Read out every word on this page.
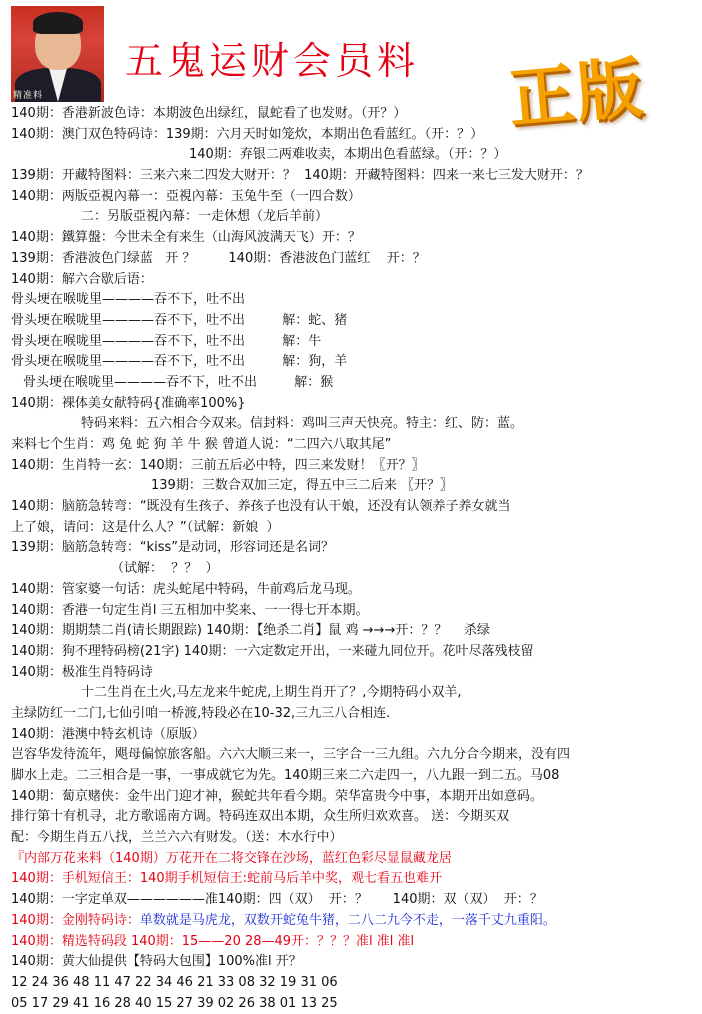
精准料
五鬼运财会员料 正版
140期：香港新波色诗：本期波色出绿红，鼠蛇看了也发财。（开？）
140期：澳门双色特码诗：139期：六月天时如笼炊，本期出色看蓝红。（开：？）
140期：弃银二两难收卖，本期出色看蓝绿。（开：？）
139期：开藏特图料：三来六来二四发大财开：？  140期：开藏特图料：四来一来七三发大财开：？
140期：两版亞視內幕一：亞視內幕：玉兔牛至（一四合数）
二：另版亞視內幕：一走休想（龙后羊前）
140期：鐵算盤：今世未全有来生（山海风波满天飞）开：？
139期：香港波色门绿蓝   开 ？        140期：香港波色门蓝红    开：？
140期：解六合歇后语：
骨头埂在喉咙里————吞不下，吐不出
骨头埂在喉咙里————吞不下，吐不出         解：蛇、猪
骨头埂在喉咙里————吞不下，吐不出         解：牛
骨头埂在喉咙里————吞不下，吐不出         解：狗，羊
骨头埂在喉咙里————吞不下，吐不出         解：猴
140期：裸体美女献特码{准确率100%}
特码来料：五六相合今双来。信封料：鸡叫三声天快亮。特主：红、防：蓝。
来料七个生肖：鸡 兔 蛇 狗 羊 牛 猴 曾道人说：“二四六八取其尾”
140期：生肖特一玄：140期：三前五后必中特，四三来发财！〖开？〗
139期：三数合双加三定，得五中三二后来 〖开？〗
140期：脑筋急转弯：“既没有生孩子、养孩子也没有认干娘，还没有认领养子养女就当
上了娘，请问：这是什么人？”（试解：新娘  ）
139期：脑筋急转弯：“kiss”是动词，形容词还是名词？
（试解：  ？？  ）
140期：管家婆一句话：虎头蛇尾中特码，牛前鸡后龙马现。
140期：香港一句定生肖l 三五相加中奖来、一一得七开本期。
140期：期期禁二肖(请长期跟踪) 140期：【绝杀二肖】鼠 鸡 →→→开：？？    杀绿
140期：狗不理特码榜(21字) 140期：一六定数定开出，一来碰九同位开。花叶尽落残枝留
140期：极准生肖特码诗
十二生肖在土火,马左龙来牛蛇虎,上期生肖开了？,今期特码小双羊,
主绿防红一二门,七仙引咱一桥渡,特段必在10-32,三九三八合相连.
140期：港澳中特玄机诗（原版）
岂容华发待流年，飓母偏惊旅客船。六六大顺三来一，三字合一三九组。六九分合今期来，没有四
脚水上走。二三相合是一事，一事成就它为先。140期三来二六走四一，八九跟一到二五。马08
140期：蔔京赌侠：金牛出门迎才神，猴蛇共年看今期。荣华富贵今中事，本期开出如意码。
排行第十有机寻，北方歌谣南方调。特码连双出本期，众生所归欢欢喜。 送：今期买双
配：今期生肖五八找，兰兰六六有财发。（送：木水行中）
『内部万花来料（140期）万花开在二将交锋在沙场，蓝红色彩尽显鼠藏龙居
140期：手机短信王：140期手机短信王:蛇前马后羊中奖，观七看五也难开
140期：一字定单双——————准140期：四（双）  开：？      140期：双（双）  开：？
140期：金刚特码诗：单数就是马虎龙，双数开蛇兔牛猪，二八二九今不走，一落千丈九重阳。
140期：精选特码段 140期：15——20 28—49开：？？？准l 准l 准l
140期：黄大仙提供【特码大包围】100%准l 开？
12 24 36 48 11 47 22 34 46 21 33 08 32 19 31 06
05 17 29 41 16 28 40 15 27 39 02 26 38 01 13 25
